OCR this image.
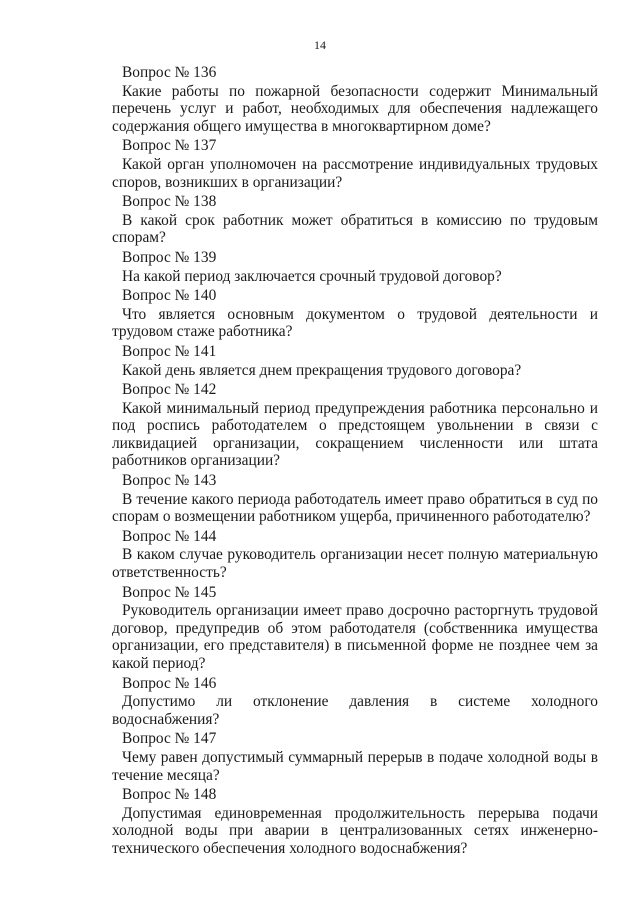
14
Вопрос № 136
Какие работы по пожарной безопасности содержит Минимальный перечень услуг и работ, необходимых для обеспечения надлежащего содержания общего имущества в многоквартирном доме?
Вопрос № 137
Какой орган уполномочен на рассмотрение индивидуальных трудовых споров, возникших в организации?
Вопрос № 138
В какой срок работник может обратиться в комиссию по трудовым спорам?
Вопрос № 139
На какой период заключается срочный трудовой договор?
Вопрос № 140
Что является основным документом о трудовой деятельности и трудовом стаже работника?
Вопрос № 141
Какой день является днем прекращения трудового договора?
Вопрос № 142
Какой минимальный период предупреждения работника персонально и под роспись работодателем о предстоящем увольнении в связи с ликвидацией организации, сокращением численности или штата работников организации?
Вопрос № 143
В течение какого периода работодатель имеет право обратиться в суд по спорам о возмещении работником ущерба, причиненного работодателю?
Вопрос № 144
В каком случае руководитель организации несет полную материальную ответственность?
Вопрос № 145
Руководитель организации имеет право досрочно расторгнуть трудовой договор, предупредив об этом работодателя (собственника имущества организации, его представителя) в письменной форме не позднее чем за какой период?
Вопрос № 146
Допустимо ли отклонение давления в системе холодного водоснабжения?
Вопрос № 147
Чему равен допустимый суммарный перерыв в подаче холодной воды в течение месяца?
Вопрос № 148
Допустимая единовременная продолжительность перерыва подачи холодной воды при аварии в централизованных сетях инженерно-технического обеспечения холодного водоснабжения?
